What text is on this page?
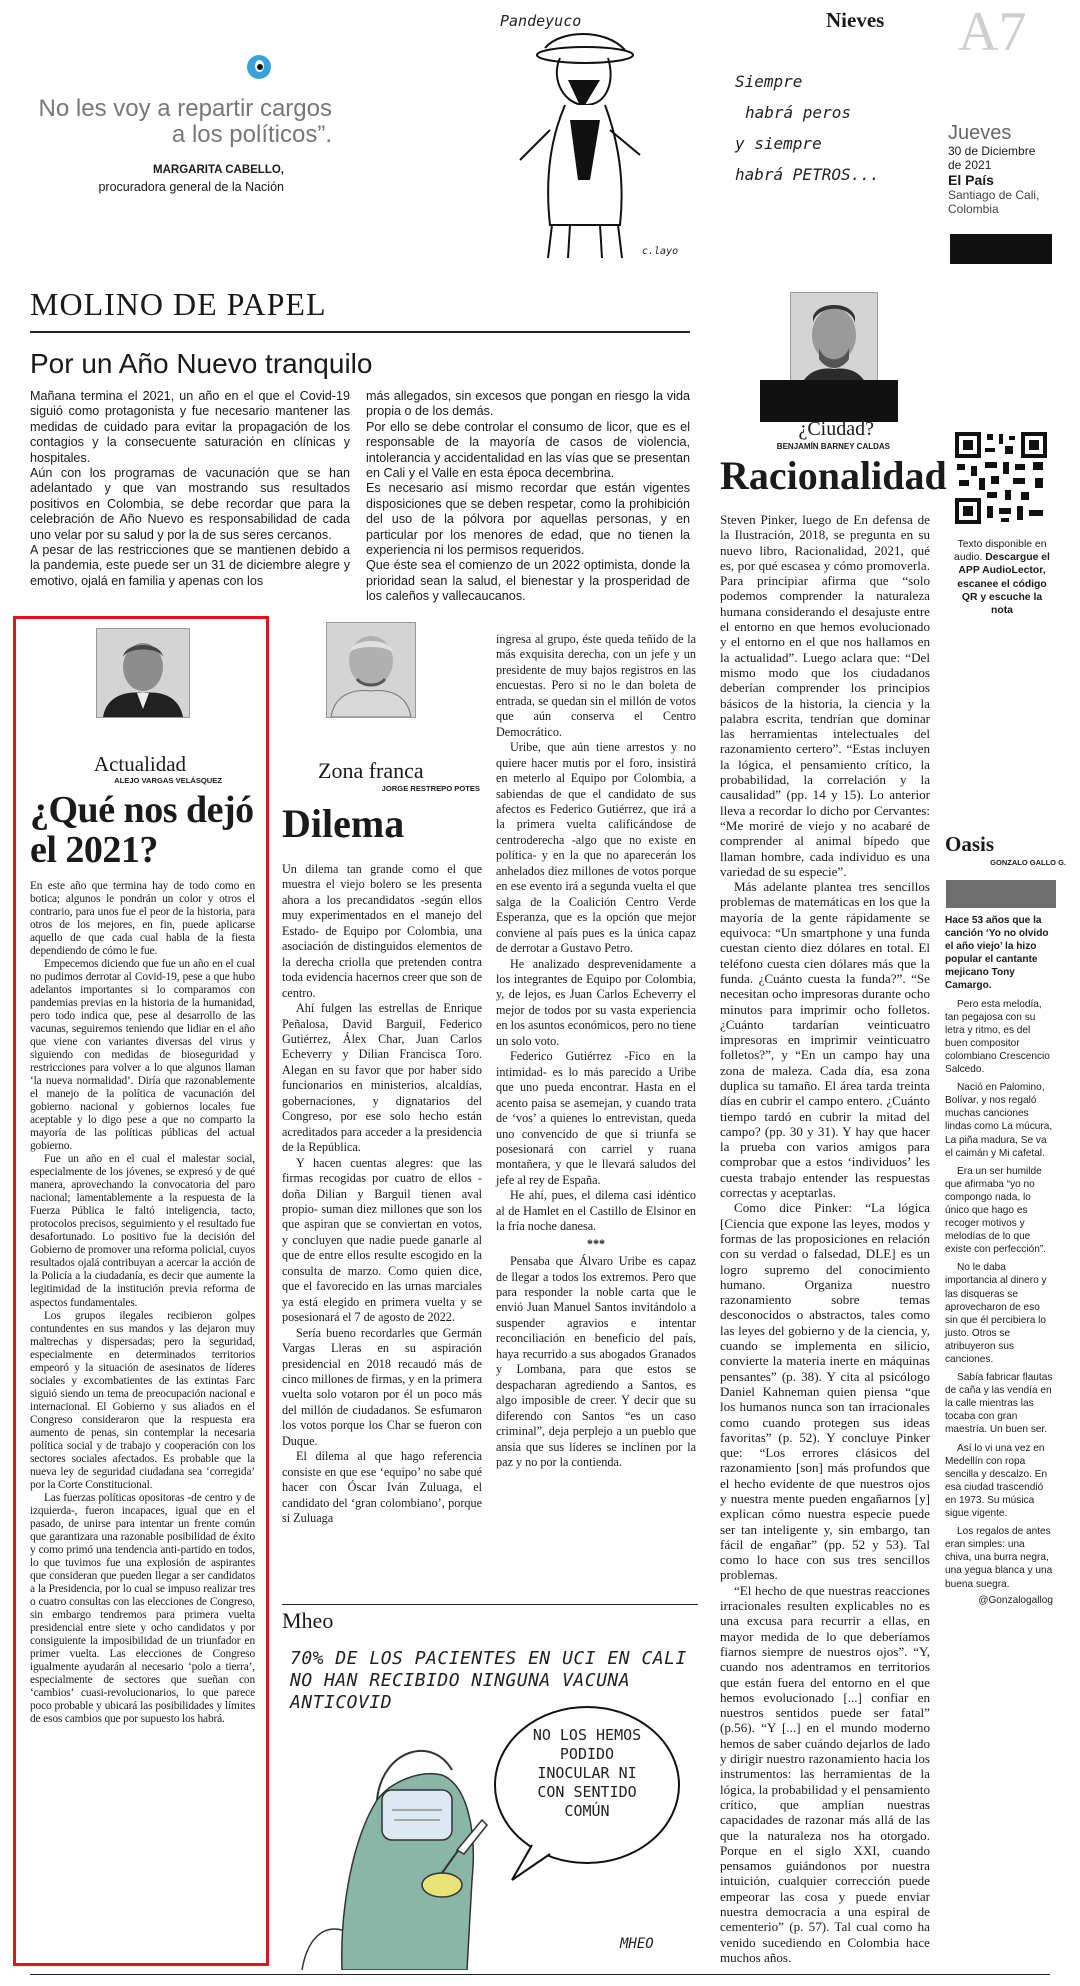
No les voy a repartir cargos a los políticos”.
MARGARITA CABELLO,
procuradora general de la Nación
Pandeyuco
c.layo
Siempre
habrá peros
y siempre
habrá PETROS...
Nieves A7
Jueves
30 de Diciembre
de 2021
El País
Santiago de Cali,
Colombia
MOLINO DE PAPEL
Por un Año Nuevo tranquilo
Mañana termina el 2021, un año en el que el Covid-19 siguió como protagonista y fue necesario mantener las medidas de cuidado para evitar la propagación de los contagios y la consecuente saturación en clínicas y hospitales.
Aún con los programas de vacunación que se han adelantado y que van mostrando sus resultados positivos en Colombia, se debe recordar que para la celebración de Año Nuevo es responsabilidad de cada uno velar por su salud y por la de sus seres cercanos.
A pesar de las restricciones que se mantienen debido a la pandemia, este puede ser un 31 de diciembre alegre y emotivo, ojalá en familia y apenas con los
más allegados, sin excesos que pongan en riesgo la vida propia o de los demás.
Por ello se debe controlar el consumo de licor, que es el responsable de la mayoría de casos de violencia, intolerancia y accidentalidad en las vías que se presentan en Cali y el Valle en esta época decembrina.
Es necesario así mismo recordar que están vigentes disposiciones que se deben respetar, como la prohibición del uso de la pólvora por aquellas personas, y en particular por los menores de edad, que no tienen la experiencia ni los permisos requeridos.
Que éste sea el comienzo de un 2022 optimista, donde la prioridad sean la salud, el bienestar y la prosperidad de los caleños y vallecaucanos.
¿Ciudad?
BENJAMÍN BARNEY CALDAS
Racionalidad

Steven Pinker, luego de En defensa de la Ilustración, 2018, se pregunta en su nuevo libro, Racionalidad, 2021, qué es, por qué escasea y cómo promoverla. Para principiar afirma que “solo podemos comprender la naturaleza humana considerando el desajuste entre el entorno en que hemos evolucionado y el entorno en el que nos hallamos en la actualidad”. Luego aclara que: “Del mismo modo que los ciudadanos deberían comprender los principios básicos de la historia, la ciencia y la palabra escrita, tendrían que dominar las herramientas intelectuales del razonamiento certero”. “Estas incluyen la lógica, el pensamiento crítico, la probabilidad, la correlación y la causalidad” (pp. 14 y 15). Lo anterior lleva a recordar lo dicho por Cervantes: “Me moriré de viejo y no acabaré de comprender al animal bípedo que llaman hombre, cada individuo es una variedad de su especie”.

Más adelante plantea tres sencillos problemas de matemáticas en los que la mayoría de la gente rápidamente se equivoca: “Un smartphone y una funda cuestan ciento diez dólares en total. El teléfono cuesta cien dólares más que la funda. ¿Cuánto cuesta la funda?”. “Se necesitan ocho impresoras durante ocho minutos para imprimir ocho folletos. ¿Cuánto tardarían veinticuatro impresoras en imprimir veinticuatro folletos?”, y “En un campo hay una zona de maleza. Cada día, esa zona duplica su tamaño. El área tarda treinta días en cubrir el campo entero. ¿Cuánto tiempo tardó en cubrir la mitad del campo? (pp. 30 y 31). Y hay que hacer la prueba con varios amigos para comprobar que a estos ‘individuos’ les cuesta trabajo entender las respuestas correctas y aceptarlas.

Como dice Pinker: “La lógica [Ciencia que expone las leyes, modos y formas de las proposiciones en relación con su verdad o falsedad, DLE] es un logro supremo del conocimiento humano. Organiza nuestro razonamiento sobre temas desconocidos o abstractos, tales como las leyes del gobierno y de la ciencia, y, cuando se implementa en silicio, convierte la materia inerte en máquinas pensantes” (p. 38). Y cita al psicólogo Daniel Kahneman quien piensa “que los humanos nunca son tan irracionales como cuando protegen sus ideas favoritas” (p. 52). Y concluye Pinker que: “Los errores clásicos del razonamiento [son] más profundos que el hecho evidente de que nuestros ojos y nuestra mente pueden engañarnos [y] explican cómo nuestra especie puede ser tan inteligente y, sin embargo, tan fácil de engañar” (pp. 52 y 53). Tal como lo hace con sus tres sencillos problemas.

“El hecho de que nuestras reacciones irracionales resulten explicables no es una excusa para recurrir a ellas, en mayor medida de lo que deberíamos fiarnos siempre de nuestros ojos”. “Y, cuando nos adentramos en territorios que están fuera del entorno en el que hemos evolucionado [...] confiar en nuestros sentidos puede ser fatal” (p.56). “Y [...] en el mundo moderno hemos de saber cuándo dejarlos de lado y dirigir nuestro razonamiento hacia los instrumentos: las herramientas de la lógica, la probabilidad y el pensamiento crítico, que amplían nuestras capacidades de razonar más allá de las que la naturaleza nos ha otorgado. Porque en el siglo XXI, cuando pensamos guiándonos por nuestra intuición, cualquier corrección puede empeorar las cosa y puede enviar nuestra democracia a una espiral de cementerio” (p. 57). Tal cual como ha venido sucediendo en Colombia hace muchos años.

Texto disponible en audio. Descargue el APP AudioLector, escanee el código QR y escuche la nota
Oasis
GONZALO GALLO G.
Hace 53 años que la canción ‘Yo no olvido el año viejo’ la hizo popular el cantante mejicano Tony Camargo.
Pero esta melodía, tan pegajosa con su letra y ritmo, es del buen compositor colombiano Crescencio Salcedo.
Nació en Palomino, Bolívar, y nos regaló muchas canciones lindas como La múcura, La piña madura, Se va el caimán y Mi cafetal.
Era un ser humilde que afirmaba “yo no compongo nada, lo único que hago es recoger motivos y melodías de lo que existe con perfección”.
No le daba importancia al dinero y las disqueras se aprovecharon de eso sin que él percibiera lo justo. Otros se atribuyeron sus canciones.
Sabía fabricar flautas de caña y las vendía en la calle mientras las tocaba con gran maestría. Un buen ser.
Así lo vi una vez en Medellín con ropa sencilla y descalzo. En esa ciudad trascendió en 1973. Su música sigue vigente.
Los regalos de antes eran simples: una chiva, una burra negra, una yegua blanca y una buena suegra.
@Gonzalogallog
Actualidad
ALEJO VARGAS VELÁSQUEZ
¿Qué nos dejó el 2021?

En este año que termina hay de todo como en botica; algunos le pondrán un color y otros el contrario, para unos fue el peor de la historia, para otros de los mejores, en fin, puede aplicarse aquello de que cada cual habla de la fiesta dependiendo de cómo le fue.

Empecemos diciendo que fue un año en el cual no pudimos derrotar al Covid-19, pese a que hubo adelantos importantes si lo comparamos con pandemias previas en la historia de la humanidad, pero todo indica que, pese al desarrollo de las vacunas, seguiremos teniendo que lidiar en el año que viene con variantes diversas del virus y siguiendo con medidas de bioseguridad y restricciones para volver a lo que algunos llaman ‘la nueva normalidad’. Diría que razonablemente el manejo de la política de vacunación del gobierno nacional y gobiernos locales fue aceptable y lo digo pese a que no comparto la mayoría de las políticas públicas del actual gobierno.

Fue un año en el cual el malestar social, especialmente de los jóvenes, se expresó y de qué manera, aprovechando la convocatoria del paro nacional; lamentablemente a la respuesta de la Fuerza Pública le faltó inteligencia, tacto, protocolos precisos, seguimiento y el resultado fue desafortunado. Lo positivo fue la decisión del Gobierno de promover una reforma policial, cuyos resultados ojalá contribuyan a acercar la acción de la Policía a la ciudadanía, es decir que aumente la legitimidad de la institución previa reforma de aspectos fundamentales.

Los grupos ilegales recibieron golpes contundentes en sus mandos y las dejaron muy maltrechas y dispersadas; pero la seguridad, especialmente en determinados territorios empeoró y la situación de asesinatos de líderes sociales y excombatientes de las extintas Farc siguió siendo un tema de preocupación nacional e internacional. El Gobierno y sus aliados en el Congreso consideraron que la respuesta era aumento de penas, sin contemplar la necesaria política social y de trabajo y cooperación con los sectores sociales afectados. Es probable que la nueva ley de seguridad ciudadana sea ‘corregida’ por la Corte Constitucional.

Las fuerzas políticas opositoras -de centro y de izquierda-, fueron incapaces, igual que en el pasado, de unirse para intentar un frente común que garantizara una razonable posibilidad de éxito y como primó una tendencia anti-partido en todos, lo que tuvimos fue una explosión de aspirantes que consideran que pueden llegar a ser candidatos a la Presidencia, por lo cual se impuso realizar tres o cuatro consultas con las elecciones de Congreso, sin embargo tendremos para primera vuelta presidencial entre siete y ocho candidatos y por consiguiente la imposibilidad de un triunfador en primer vuelta. Las elecciones de Congreso igualmente ayudarán al necesario ‘polo a tierra’, especialmente de sectores que sueñan con ‘cambios’ cuasi-revolucionarios, lo que parece poco probable y ubicará las posibilidades y límites de esos cambios que por supuesto los habrá.

Zona franca
JORGE RESTREPO POTES
Dilema

Un dilema tan grande como el que muestra el viejo bolero se les presenta ahora a los precandidatos -según ellos muy experimentados en el manejo del Estado- de Equipo por Colombia, una asociación de distinguidos elementos de la derecha criolla que pretenden contra toda evidencia hacernos creer que son de centro.

Ahí fulgen las estrellas de Enrique Peñalosa, David Barguil, Federico Gutiérrez, Álex Char, Juan Carlos Echeverry y Dilian Francisca Toro. Alegan en su favor que por haber sido funcionarios en ministerios, alcaldías, gobernaciones, y dignatarios del Congreso, por ese solo hecho están acreditados para acceder a la presidencia de la República.

Y hacen cuentas alegres: que las firmas recogidas por cuatro de ellos -doña Dilian y Barguil tienen aval propio- suman diez millones que son los que aspiran que se conviertan en votos, y concluyen que nadie puede ganarle al que de entre ellos resulte escogido en la consulta de marzo. Como quien dice, que el favorecido en las urnas marciales ya está elegido en primera vuelta y se posesionará el 7 de agosto de 2022.

Sería bueno recordarles que Germán Vargas Lleras en su aspiración presidencial en 2018 recaudó más de cinco millones de firmas, y en la primera vuelta solo votaron por él un poco más del millón de ciudadanos. Se esfumaron los votos porque los Char se fueron con Duque.

El dilema al que hago referencia consiste en que ese ‘equipo’ no sabe qué hacer con Óscar Iván Zuluaga, el candidato del ‘gran colombiano’, porque si Zuluaga

ingresa al grupo, éste queda teñido de la más exquisita derecha, con un jefe y un presidente de muy bajos registros en las encuestas. Pero si no le dan boleta de entrada, se quedan sin el millón de votos que aún conserva el Centro Democrático.

Uribe, que aún tiene arrestos y no quiere hacer mutis por el foro, insistirá en meterlo al Equipo por Colombia, a sabiendas de que el candidato de sus afectos es Federico Gutiérrez, que irá a la primera vuelta calificándose de centroderecha -algo que no existe en política- y en la que no aparecerán los anhelados diez millones de votos porque en ese evento irá a segunda vuelta el que salga de la Coalición Centro Verde Esperanza, que es la opción que mejor conviene al país pues es la única capaz de derrotar a Gustavo Petro.

He analizado desprevenidamente a los integrantes de Equipo por Colombia, y, de lejos, es Juan Carlos Echeverry el mejor de todos por su vasta experiencia en los asuntos económicos, pero no tiene un solo voto.

Federico Gutiérrez -Fico en la intimidad- es lo más parecido a Uribe que uno pueda encontrar. Hasta en el acento paisa se asemejan, y cuando trata de ‘vos’ a quienes lo entrevistan, queda uno convencido de que si triunfa se posesionará con carriel y ruana montañera, y que le llevará saludos del jefe al rey de España.

He ahí, pues, el dilema casi idéntico al de Hamlet en el Castillo de Elsinor en la fría noche danesa.

***

Pensaba que Álvaro Uribe es capaz de llegar a todos los extremos. Pero que para responder la noble carta que le envió Juan Manuel Santos invitándolo a suspender agravios e intentar reconciliación en beneficio del país, haya recurrido a sus abogados Granados y Lombana, para que estos se despacharan agrediendo a Santos, es algo imposible de creer. Y decir que su diferendo con Santos “es un caso criminal”, deja perplejo a un pueblo que ansía que sus líderes se inclinen por la paz y no por la contienda.

Mheo
70% DE LOS PACIENTES EN UCI EN CALI NO HAN RECIBIDO NINGUNA VACUNA ANTICOVID
NO LOS HEMOS PODIDO INOCULAR NI CON SENTIDO COMÚN
MHEO
